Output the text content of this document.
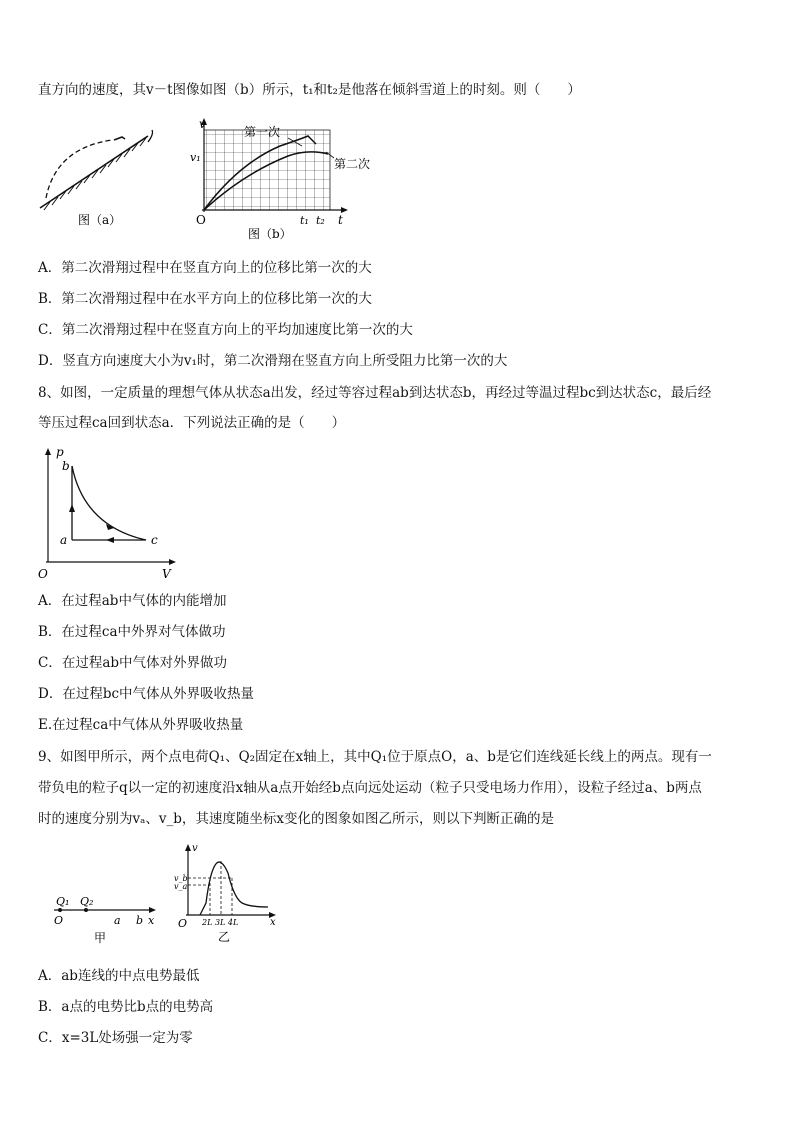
直方向的速度，其v－t图像如图（b）所示，t₁和t₂是他落在倾斜雪道上的时刻。则（　　）
图（a）
v
v₁
O	t
t₁ t₂
第一次
第二次
图（b）
A．第二次滑翔过程中在竖直方向上的位移比第一次的大
B．第二次滑翔过程中在水平方向上的位移比第一次的大
C．第二次滑翔过程中在竖直方向上的平均加速度比第一次的大
D．竖直方向速度大小为v₁时，第二次滑翔在竖直方向上所受阻力比第一次的大
8、如图，一定质量的理想气体从状态a出发，经过等容过程ab到达状态b，再经过等温过程bc到达状态c，最后经
等压过程ca回到状态a．下列说法正确的是（　　）
p
V
O
b
a	c
A．在过程ab中气体的内能增加
B．在过程ca中外界对气体做功
C．在过程ab中气体对外界做功
D．在过程bc中气体从外界吸收热量
E.在过程ca中气体从外界吸收热量
9、如图甲所示，两个点电荷Q₁、Q₂固定在x轴上，其中Q₁位于原点O，a、b是它们连线延长线上的两点。现有一
带负电的粒子q以一定的初速度沿x轴从a点开始经b点向远处运动（粒子只受电场力作用），设粒子经过a、b两点
时的速度分别为vₐ、v_b，其速度随坐标x变化的图象如图乙所示，则以下判断正确的是
Q₁ Q₂
O	a b x
甲
v
v_b
v_a
O 2L 3L 4L	x
乙
A．ab连线的中点电势最低
B．a点的电势比b点的电势高
C．x=3L处场强一定为零
